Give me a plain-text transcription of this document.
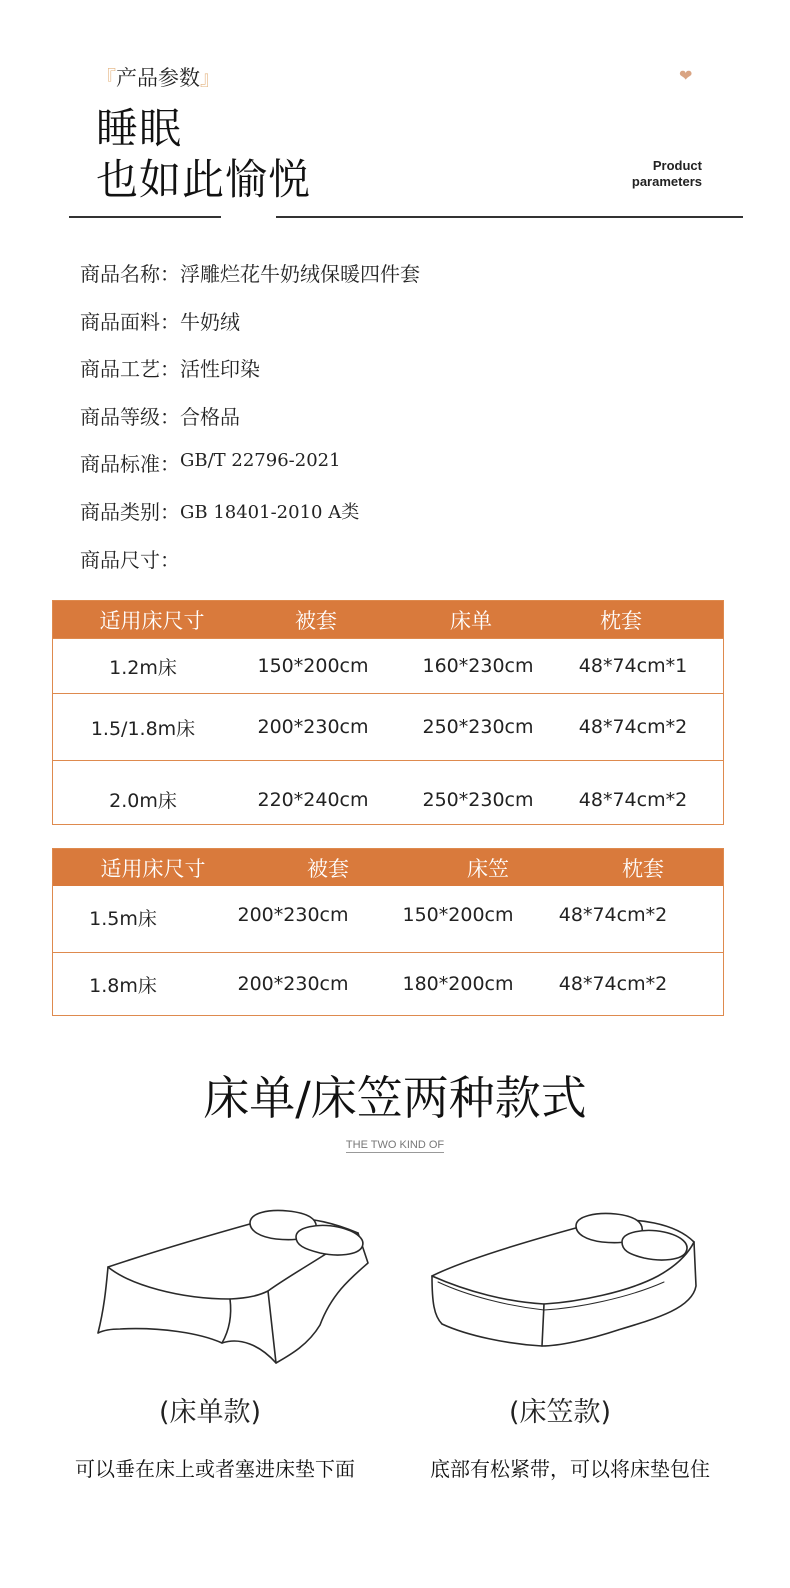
『产品参数』	❤
睡眠
也如此愉悦	Product
parameters
商品名称 ： 浮雕烂花牛奶绒保暖四件套
商品面料 ： 牛奶绒
商品工艺 ： 活性印染
商品等级 ： 合格品
商品标准 ： GB/T 22796-2021
商品类别 ： GB 18401-2010 A类
商品尺寸 ：
适用床尺寸	被套	床单	枕套
1.2m床	150*200cm	160*230cm	48*74cm*1
1.5/1.8m床	200*230cm	250*230cm	48*74cm*2
2.0m床	220*240cm	250*230cm	48*74cm*2
适用床尺寸	被套	床笠	枕套
1.5m床	200*230cm	150*200cm	48*74cm*2
1.8m床	200*230cm	180*200cm	48*74cm*2
床单/床笠两种款式
THE TWO KIND OF
(床单款)	(床笠款)
可以垂在床上或者塞进床垫下面	底部有松紧带，可以将床垫包住
